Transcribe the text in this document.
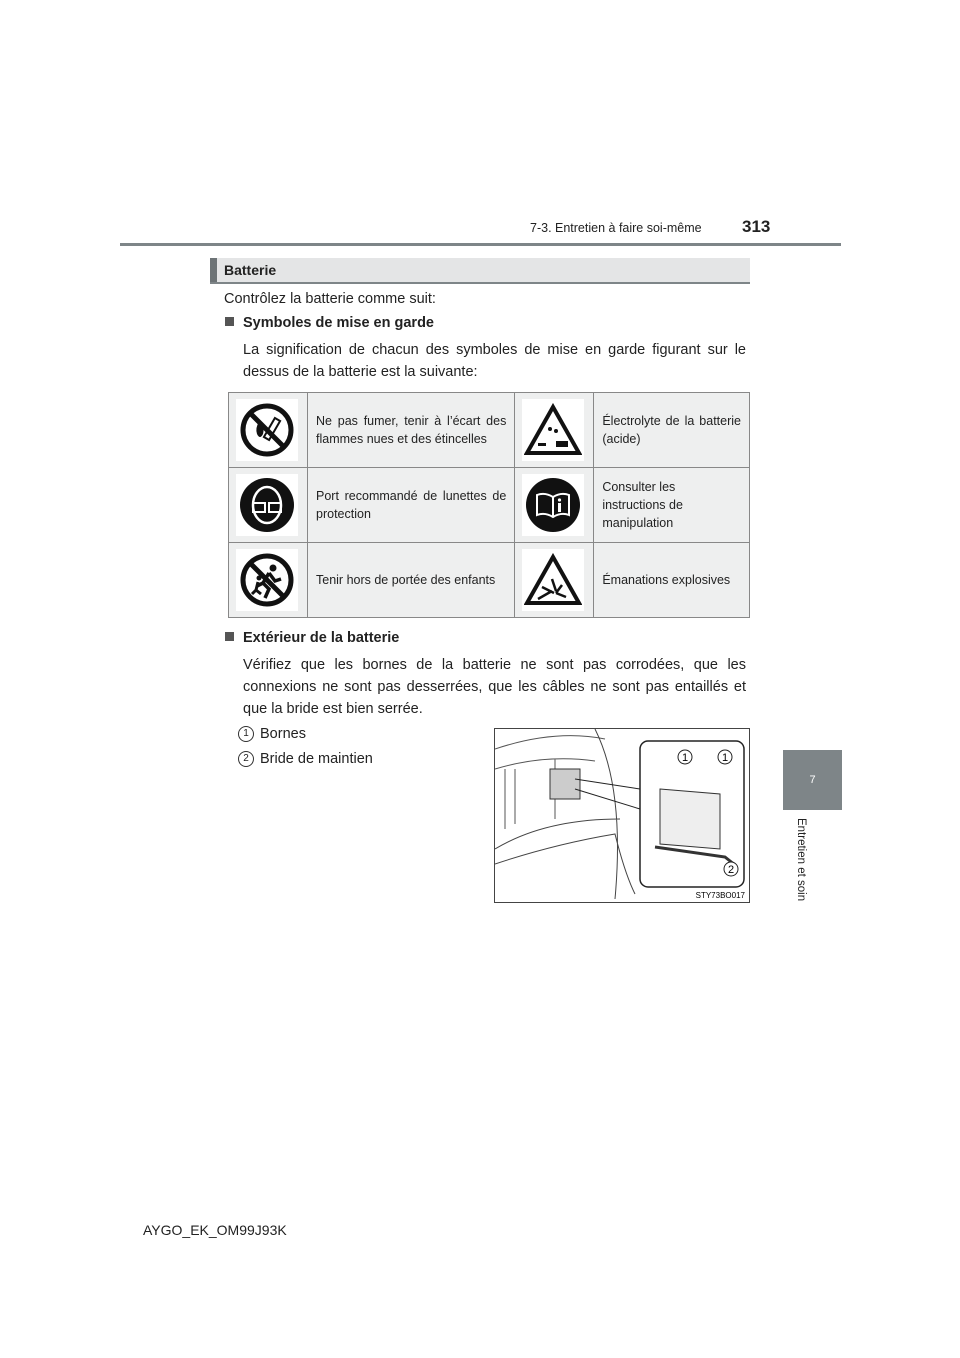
7-3. Entretien à faire soi-même 313
Batterie
Contrôlez la batterie comme suit:
Symboles de mise en garde
La signification de chacun des symboles de mise en garde figurant sur le dessus de la batterie est la suivante:
	Ne pas fumer, tenir à l’écart des flammes nues et des étincelles		Électrolyte de la batterie (acide)

	Port recommandé de lunettes de protection		Consulter les instructions de manipulation

	Tenir hors de portée des enfants		Émanations explosives
Extérieur de la batterie
Vérifiez que les bornes de la batterie ne sont pas corrodées, que les connexions ne sont pas desserrées, que les câbles ne sont pas entaillés et que la bride est bien serrée.
1 Bornes
2 Bride de maintien	1	1
2
STY73BO017
7
Entretien et soin
AYGO_EK_OM99J93K
